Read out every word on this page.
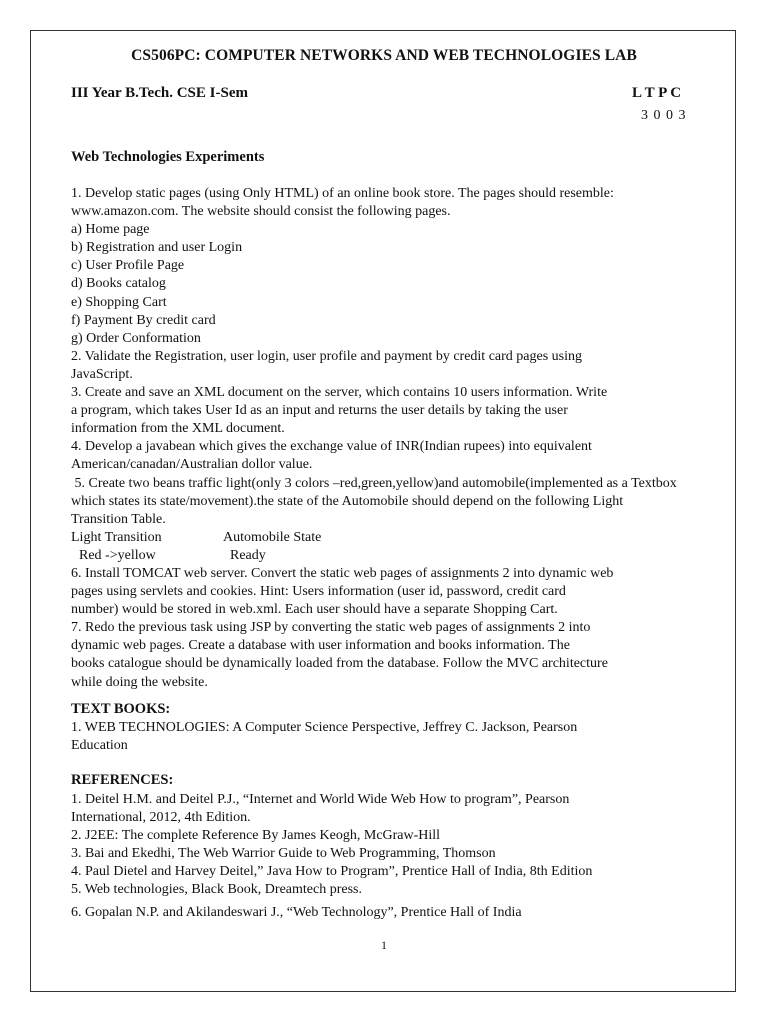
CS506PC: COMPUTER NETWORKS AND WEB TECHNOLOGIES LAB
III Year B.Tech. CSE I-Sem	L T P C
3 0 0 3
Web Technologies Experiments
1. Develop static pages (using Only HTML) of an online book store. The pages should resemble:
www.amazon.com. The website should consist the following pages.
a) Home page
b) Registration and user Login
c) User Profile Page
d) Books catalog
e) Shopping Cart
f) Payment By credit card
g) Order Conformation
2. Validate the Registration, user login, user profile and payment by credit card pages using
JavaScript.
3. Create and save an XML document on the server, which contains 10 users information. Write
a program, which takes User Id as an input and returns the user details by taking the user
information from the XML document.
4. Develop a javabean which gives the exchange value of INR(Indian rupees) into equivalent
American/canadan/Australian dollor value.
5. Create two beans traffic light(only 3 colors –red,green,yellow)and automobile(implemented as a Textbox
which states its state/movement).the state of the Automobile should depend on the following Light
Transition Table.
Light Transition	Automobile State
Red ->yellow	Ready
6. Install TOMCAT web server. Convert the static web pages of assignments 2 into dynamic web
pages using servlets and cookies. Hint: Users information (user id, password, credit card
number) would be stored in web.xml. Each user should have a separate Shopping Cart.
7. Redo the previous task using JSP by converting the static web pages of assignments 2 into
dynamic web pages. Create a database with user information and books information. The
books catalogue should be dynamically loaded from the database. Follow the MVC architecture
while doing the website.
TEXT BOOKS:
1. WEB TECHNOLOGIES: A Computer Science Perspective, Jeffrey C. Jackson, Pearson
Education
REFERENCES:
1. Deitel H.M. and Deitel P.J., “Internet and World Wide Web How to program”, Pearson
International, 2012, 4th Edition.
2. J2EE: The complete Reference By James Keogh, McGraw-Hill
3. Bai and Ekedhi, The Web Warrior Guide to Web Programming, Thomson
4. Paul Dietel and Harvey Deitel,” Java How to Program”, Prentice Hall of India, 8th Edition
5. Web technologies, Black Book, Dreamtech press.
6. Gopalan N.P. and Akilandeswari J., “Web Technology”, Prentice Hall of India
1
